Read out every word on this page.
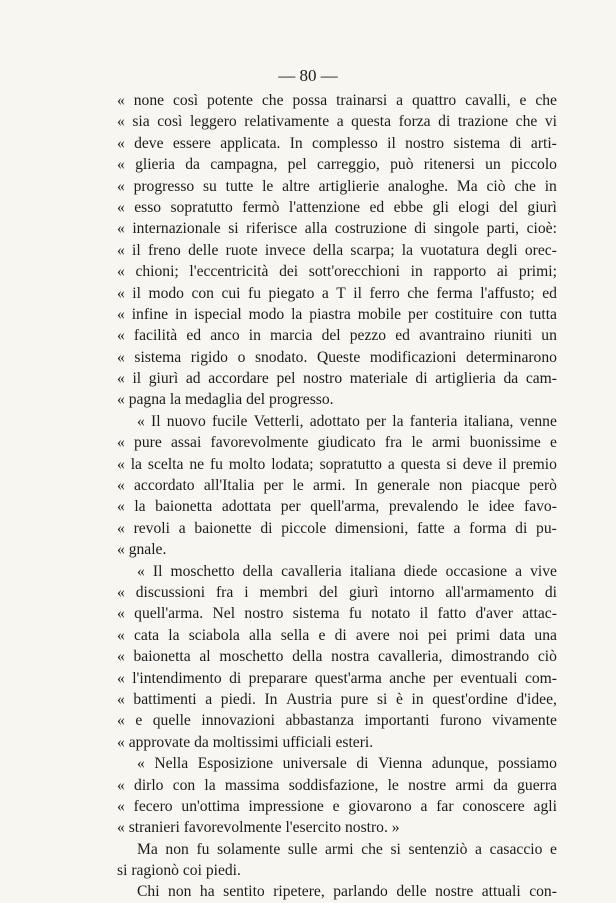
— 80 —
« none così potente che possa trainarsi a quattro cavalli, e che
« sia così leggero relativamente a questa forza di trazione che vi
« deve essere applicata. In complesso il nostro sistema di arti-
« glieria da campagna, pel carreggio, può ritenersi un piccolo
« progresso su tutte le altre artiglierie analoghe. Ma ciò che in
« esso sopratutto fermò l'attenzione ed ebbe gli elogi del giurì
« internazionale si riferisce alla costruzione di singole parti, cioè:
« il freno delle ruote invece della scarpa; la vuotatura degli orec-
« chioni; l'eccentricità dei sott'orecchioni in rapporto ai primi;
« il modo con cui fu piegato a T il ferro che ferma l'affusto; ed
« infine in ispecial modo la piastra mobile per costituire con tutta
« facilità ed anco in marcia del pezzo ed avantraino riuniti un
« sistema rigido o snodato. Queste modificazioni determinarono
« il giurì ad accordare pel nostro materiale di artiglieria da cam-
« pagna la medaglia del progresso.
« Il nuovo fucile Vetterli, adottato per la fanteria italiana, venne
« pure assai favorevolmente giudicato fra le armi buonissime e
« la scelta ne fu molto lodata; sopratutto a questa si deve il premio
« accordato all'Italia per le armi. In generale non piacque però
« la baionetta adottata per quell'arma, prevalendo le idee favo-
« revoli a baionette di piccole dimensioni, fatte a forma di pu-
« gnale.
« Il moschetto della cavalleria italiana diede occasione a vive
« discussioni fra i membri del giurì intorno all'armamento di
« quell'arma. Nel nostro sistema fu notato il fatto d'aver attac-
« cata la sciabola alla sella e di avere noi pei primi data una
« baionetta al moschetto della nostra cavalleria, dimostrando ciò
« l'intendimento di preparare quest'arma anche per eventuali com-
« battimenti a piedi. In Austria pure si è in quest'ordine d'idee,
« e quelle innovazioni abbastanza importanti furono vivamente
« approvate da moltissimi ufficiali esteri.
« Nella Esposizione universale di Vienna adunque, possiamo
« dirlo con la massima soddisfazione, le nostre armi da guerra
« fecero un'ottima impressione e giovarono a far conoscere agli
« stranieri favorevolmente l'esercito nostro. »
Ma non fu solamente sulle armi che si sentenziò a casaccio e
si ragionò coi piedi.
Chi non ha sentito ripetere, parlando delle nostre attuali con-
